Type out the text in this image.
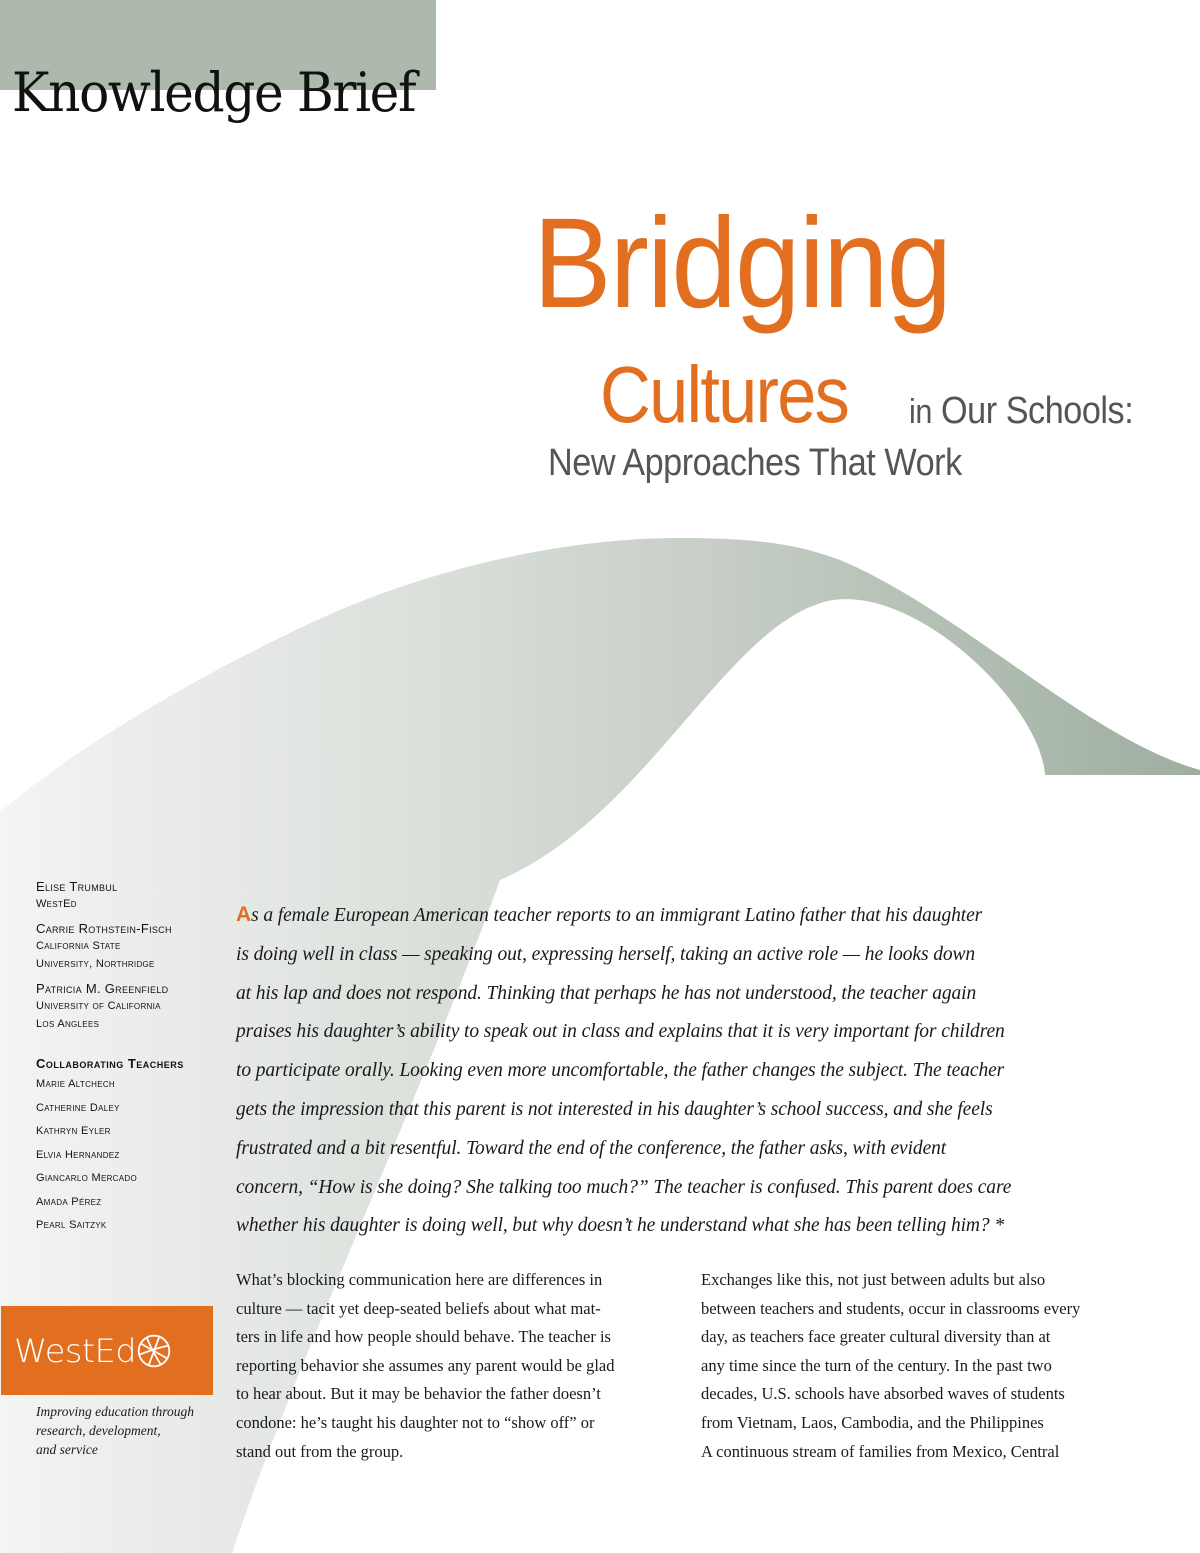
Knowledge Brief
Bridging
Cultures in Our Schools:
New Approaches That Work
Elise Trumbul
WestEd
Carrie Rothstein-Fisch
California State
University, Northridge
Patricia M. Greenfield
University of California
Los Anglees
Collaborating Teachers
Marie Altchech
Catherine Daley
Kathryn Eyler
Elvia Hernandez
Giancarlo Mercado
Amada Pérez
Pearl Saitzyk
WestEd
Improving education through
research, development,
and service
As a female European American teacher reports to an immigrant Latino father that his daughter
is doing well in class — speaking out, expressing herself, taking an active role — he looks down
at his lap and does not respond. Thinking that perhaps he has not understood, the teacher again
praises his daughter’s ability to speak out in class and explains that it is very important for children
to participate orally. Looking even more uncomfortable, the father changes the subject. The teacher
gets the impression that this parent is not interested in his daughter’s school success, and she feels
frustrated and a bit resentful. Toward the end of the conference, the father asks, with evident
concern, “How is she doing? She talking too much?” The teacher is confused. This parent does care
whether his daughter is doing well, but why doesn’t he understand what she has been telling him? *
What’s blocking communication here are differences in
culture — tacit yet deep-seated beliefs about what mat-
ters in life and how people should behave. The teacher is
reporting behavior she assumes any parent would be glad
to hear about. But it may be behavior the father doesn’t
condone: he’s taught his daughter not to “show off” or
stand out from the group.
Exchanges like this, not just between adults but also
between teachers and students, occur in classrooms every
day, as teachers face greater cultural diversity than at
any time since the turn of the century. In the past two
decades, U.S. schools have absorbed waves of students
from Vietnam, Laos, Cambodia, and the Philippines
A continuous stream of families from Mexico, Central
